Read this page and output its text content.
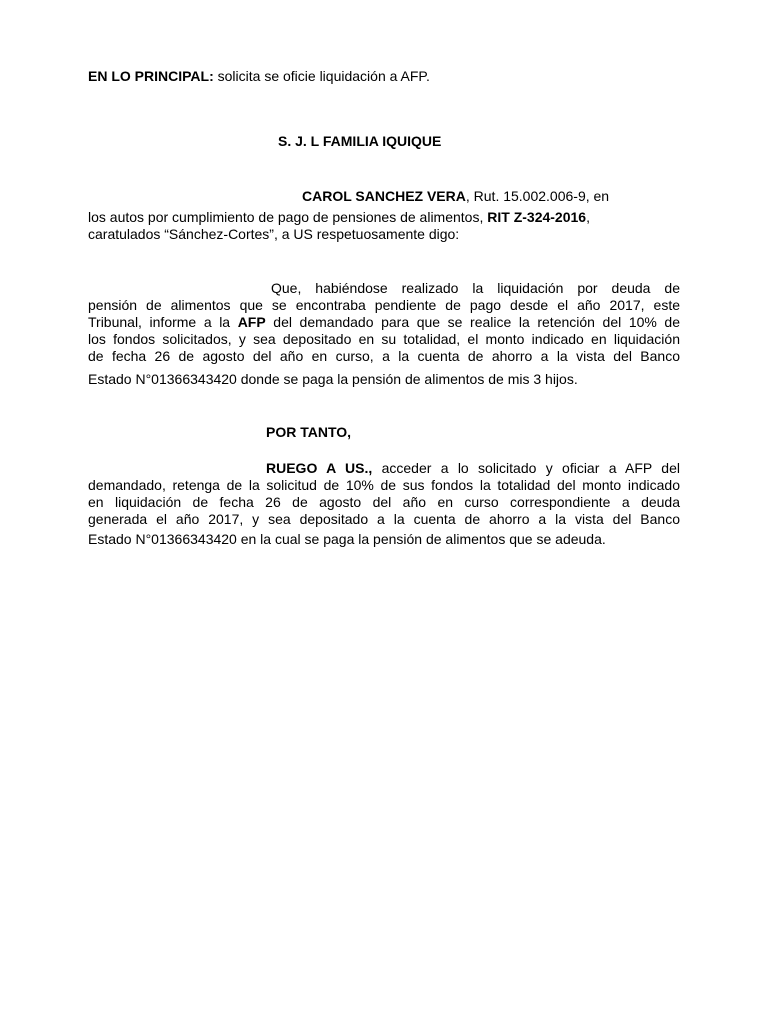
EN LO PRINCIPAL: solicita se oficie liquidación a AFP.
S. J. L FAMILIA IQUIQUE
CAROL SANCHEZ VERA, Rut. 15.002.006-9, en
los autos por cumplimiento de pago de pensiones de alimentos, RIT Z-324-2016,
caratulados “Sánchez-Cortes”, a US respetuosamente digo:
Que, habiéndose realizado la liquidación por deuda de
pensión de alimentos que se encontraba pendiente de pago desde el año 2017, este
Tribunal, informe a la AFP del demandado para que se realice la retención del 10% de
los fondos solicitados, y sea depositado en su totalidad, el monto indicado en liquidación
de fecha 26 de agosto del año en curso, a la cuenta de ahorro a la vista del Banco
Estado N°01366343420 donde se paga la pensión de alimentos de mis 3 hijos.
POR TANTO,
RUEGO A US., acceder a lo solicitado y oficiar a AFP del
demandado, retenga de la solicitud de 10% de sus fondos la totalidad del monto indicado
en liquidación de fecha 26 de agosto del año en curso correspondiente a deuda
generada el año 2017, y sea depositado a la cuenta de ahorro a la vista del Banco
Estado N°01366343420 en la cual se paga la pensión de alimentos que se adeuda.
